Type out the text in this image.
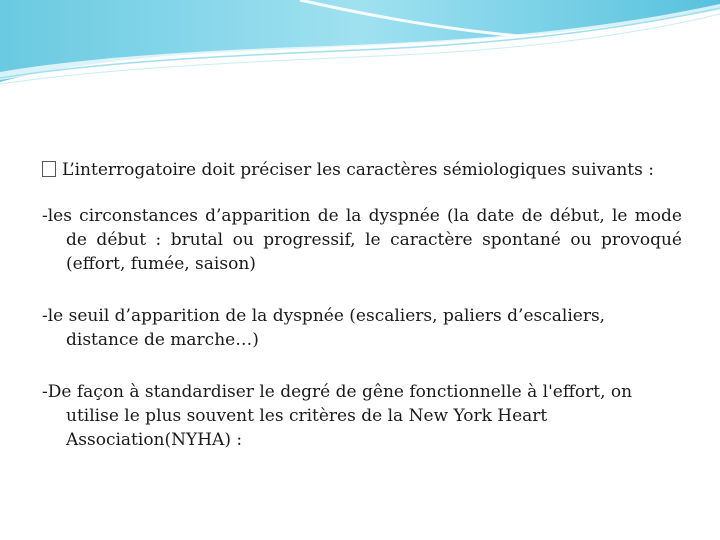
L’interrogatoire doit préciser les caractères sémiologiques suivants :

-les circonstances d’apparition de la dyspnée (la date de début, le mode de début : brutal ou progressif, le caractère spontané ou provoqué (effort, fumée, saison)

-le seuil d’apparition de la dyspnée (escaliers, paliers d’escaliers, distance de marche…)

-De façon à standardiser le degré de gêne fonctionnelle à l'effort, on utilise le plus souvent les critères de la New York Heart Association(NYHA) :
